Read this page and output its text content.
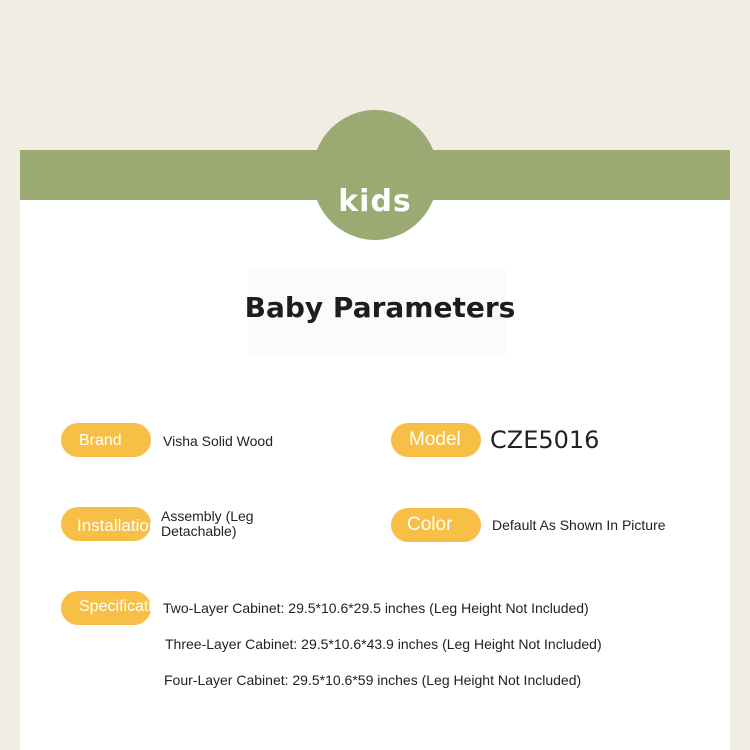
kids
Baby Parameters
Brand	Visha Solid Wood	Model	CZE5016
Installation Assembly (Leg Detachable)	Color	Default As Shown In Picture
Specification
Two-Layer Cabinet: 29.5*10.6*29.5 inches (Leg Height Not Included)
Three-Layer Cabinet: 29.5*10.6*43.9 inches (Leg Height Not Included)
Four-Layer Cabinet: 29.5*10.6*59 inches (Leg Height Not Included)
